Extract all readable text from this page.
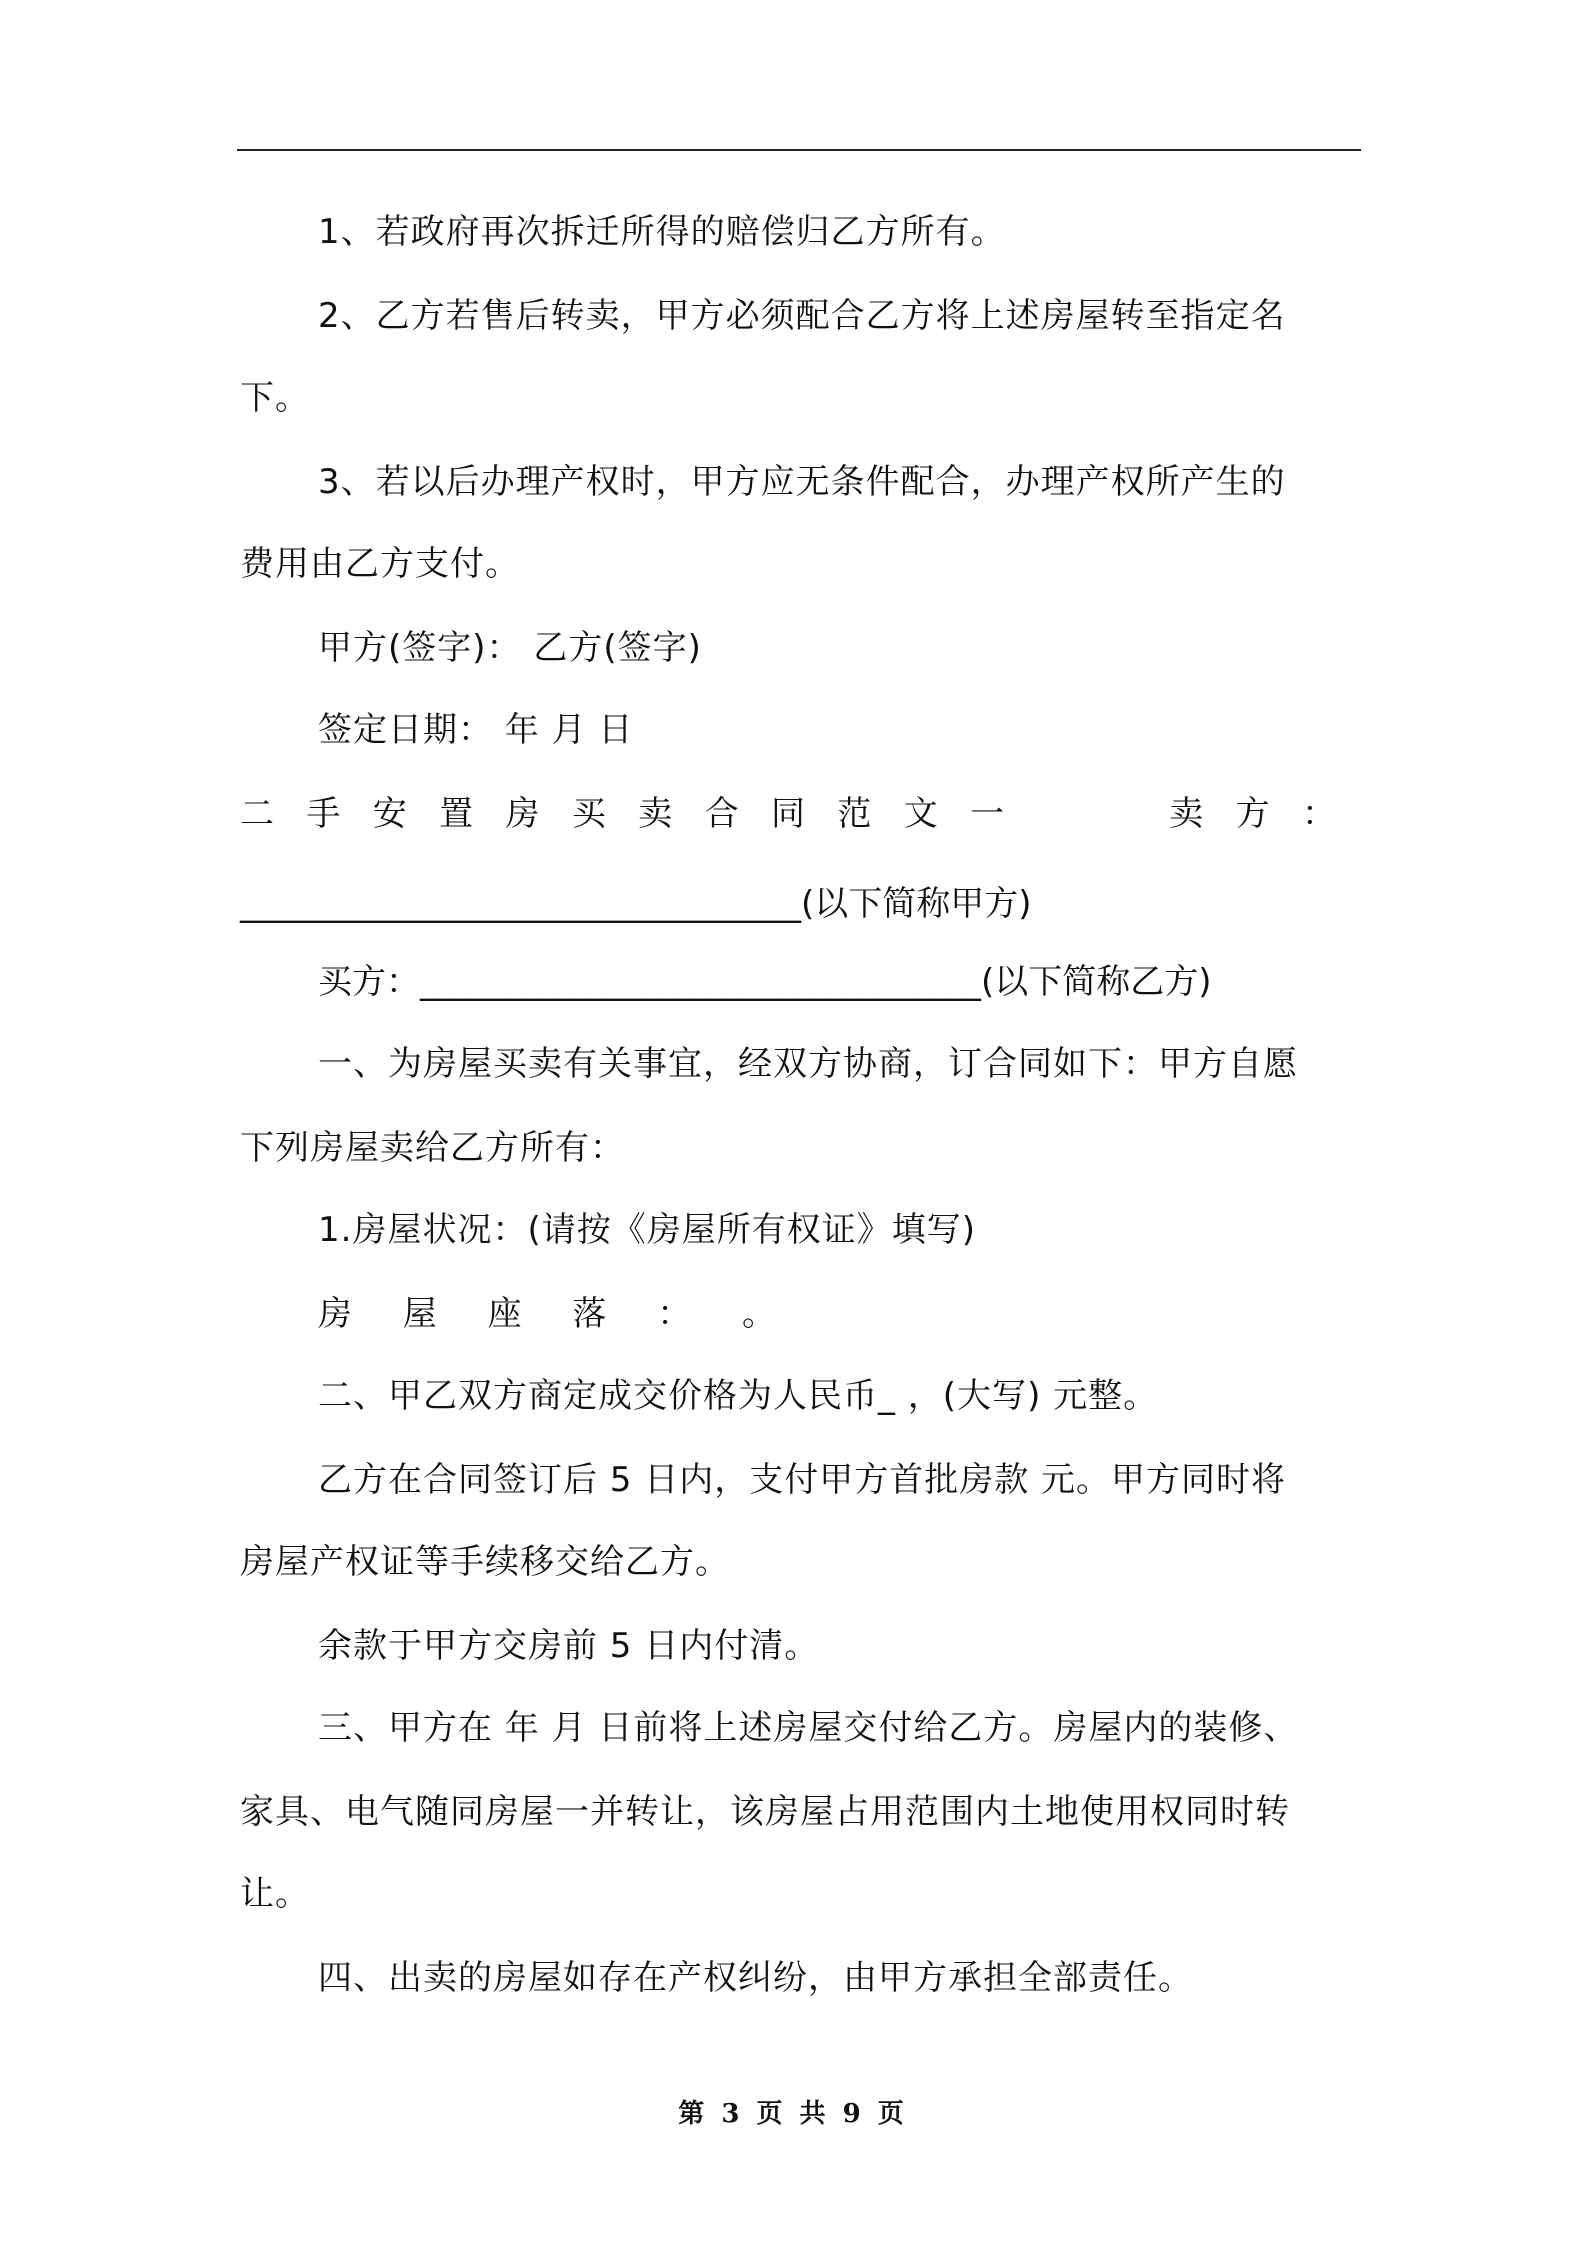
1、若政府再次拆迁所得的赔偿归乙方所有。
2、乙方若售后转卖，甲方必须配合乙方将上述房屋转至指定名
下。
3、若以后办理产权时，甲方应无条件配合，办理产权所产生的
费用由乙方支付。
甲方(签字)： 乙方(签字)
签定日期： 年 月 日
二 手 安 置 房 买 卖 合 同 范 文 一	卖 方 ：
_________________________________(以下简称甲方)
买方：_________________________________(以下简称乙方)
一、为房屋买卖有关事宜，经双方协商，订合同如下：甲方自愿
下列房屋卖给乙方所有：
1.房屋状况：(请按《房屋所有权证》填写)
房 屋 座 落 ： 。
二、甲乙双方商定成交价格为人民币_ ，(大写) 元整。
乙方在合同签订后 5 日内，支付甲方首批房款 元。甲方同时将
房屋产权证等手续移交给乙方。
余款于甲方交房前 5 日内付清。
三、甲方在 年 月 日前将上述房屋交付给乙方。房屋内的装修、
家具、电气随同房屋一并转让，该房屋占用范围内土地使用权同时转
让。
四、出卖的房屋如存在产权纠纷，由甲方承担全部责任。
第 3 页 共 9 页
